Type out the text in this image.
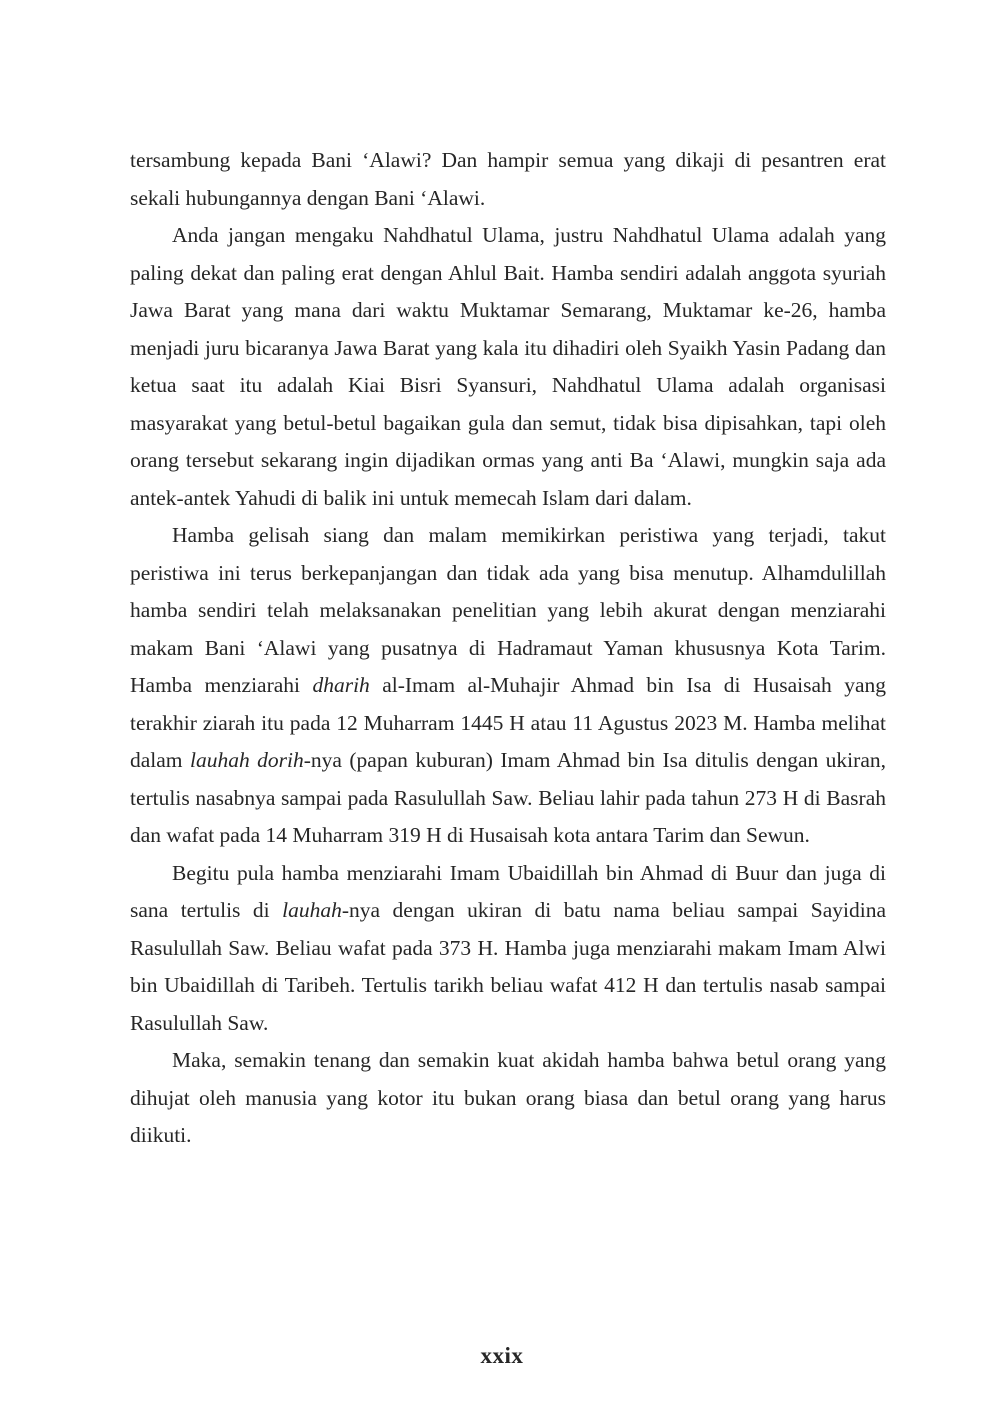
tersambung kepada Bani ‘Alawi? Dan hampir semua yang dikaji di pesantren erat sekali hubungannya dengan Bani ‘Alawi.

Anda jangan mengaku Nahdhatul Ulama, justru Nahdhatul Ulama adalah yang paling dekat dan paling erat dengan Ahlul Bait. Hamba sendiri adalah anggota syuriah Jawa Barat yang mana dari waktu Muktamar Semarang, Muktamar ke-26, hamba menjadi juru bicaranya Jawa Barat yang kala itu dihadiri oleh Syaikh Yasin Padang dan ketua saat itu adalah Kiai Bisri Syansuri, Nahdhatul Ulama adalah organisasi masyarakat yang betul-betul bagaikan gula dan semut, tidak bisa dipisahkan, tapi oleh orang tersebut sekarang ingin dijadikan ormas yang anti Ba ‘Alawi, mungkin saja ada antek-antek Yahudi di balik ini untuk memecah Islam dari dalam.

Hamba gelisah siang dan malam memikirkan peristiwa yang terjadi, takut peristiwa ini terus berkepanjangan dan tidak ada yang bisa menutup. Alhamdulillah hamba sendiri telah melaksanakan penelitian yang lebih akurat dengan menziarahi makam Bani ‘Alawi yang pusatnya di Hadramaut Yaman khususnya Kota Tarim. Hamba menziarahi dharih al-Imam al-Muhajir Ahmad bin Isa di Husaisah yang terakhir ziarah itu pada 12 Muharram 1445 H atau 11 Agustus 2023 M. Hamba melihat dalam lauhah dorih-nya (papan kuburan) Imam Ahmad bin Isa ditulis dengan ukiran, tertulis nasabnya sampai pada Rasulullah Saw. Beliau lahir pada tahun 273 H di Basrah dan wafat pada 14 Muharram 319 H di Husaisah kota antara Tarim dan Sewun.

Begitu pula hamba menziarahi Imam Ubaidillah bin Ahmad di Buur dan juga di sana tertulis di lauhah-nya dengan ukiran di batu nama beliau sampai Sayidina Rasulullah Saw. Beliau wafat pada 373 H. Hamba juga menziarahi makam Imam Alwi bin Ubaidillah di Taribeh. Tertulis tarikh beliau wafat 412 H dan tertulis nasab sampai Rasulullah Saw.

Maka, semakin tenang dan semakin kuat akidah hamba bahwa betul orang yang dihujat oleh manusia yang kotor itu bukan orang biasa dan betul orang yang harus diikuti.

xxix
